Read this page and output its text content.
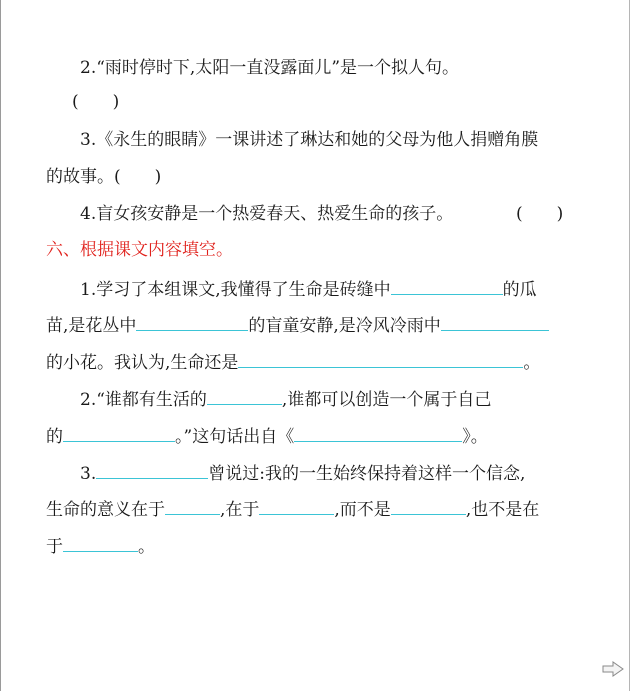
2.“雨时停时下,太阳一直没露面儿”是一个拟人句。
(　　)
3.《永生的眼睛》一课讲述了琳达和她的父母为他人捐赠角膜
的故事。(　　)
4.盲女孩安静是一个热爱春天、热爱生命的孩子。	(　　)
六、根据课文内容填空。
1.学习了本组课文,我懂得了生命是砖缝中	的瓜
苗,是花丛中	的盲童安静,是冷风冷雨中
的小花。我认为,生命还是	。
2.“谁都有生活的	,谁都可以创造一个属于自己
的	。”这句话出自《	》。
3.	曾说过:我的一生始终保持着这样一个信念,
生命的意义在于	,在于	,而不是	,也不是在
于	。
